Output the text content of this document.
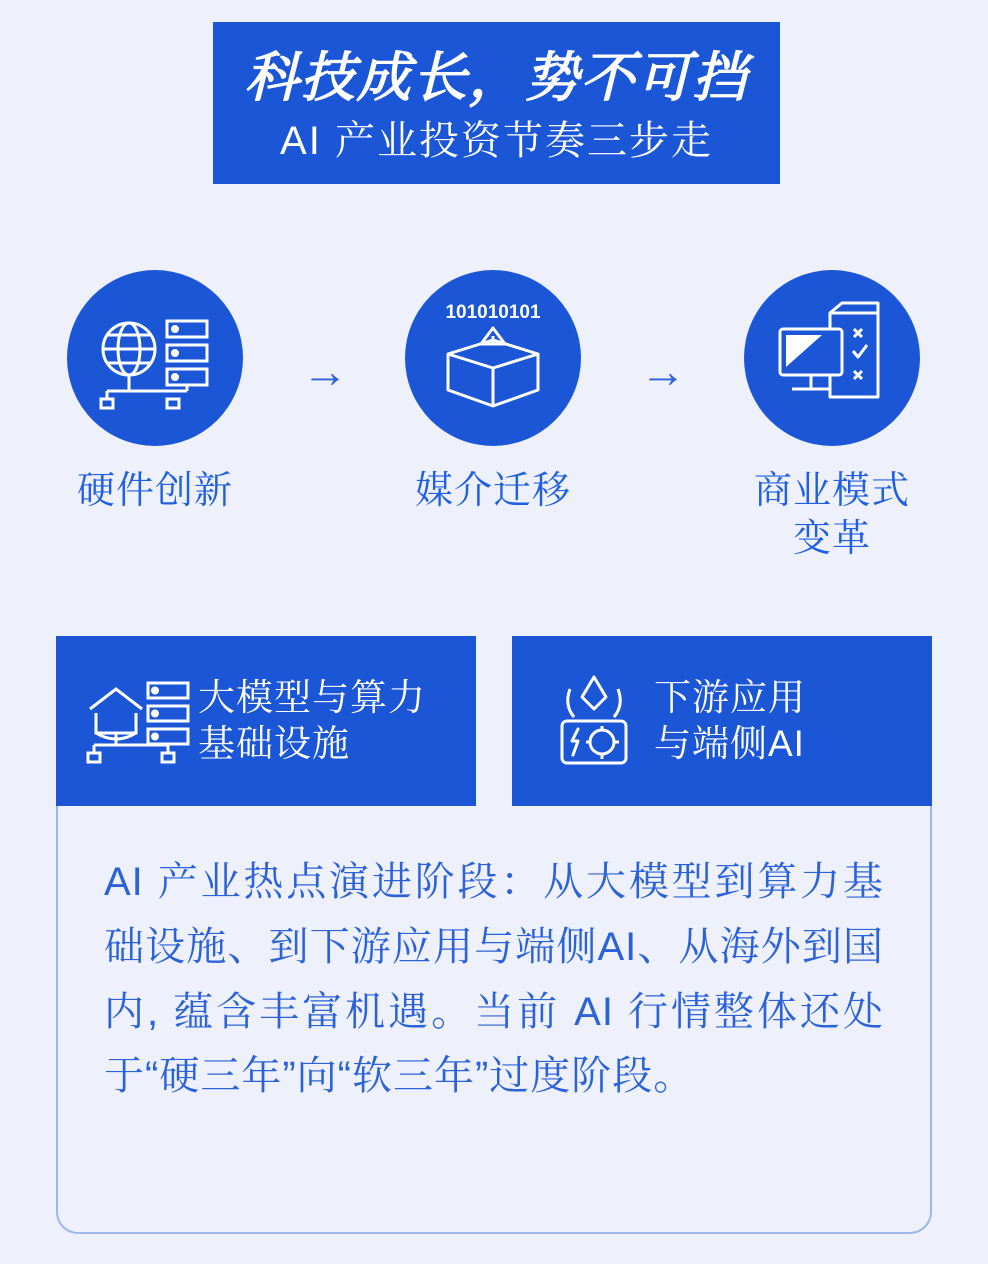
科技成长，势不可挡
AI 产业投资节奏三步走
硬件创新
→
101010101
媒介迁移
→
商业模式
变革
大模型与算力
基础设施
下游应用
与端侧AI
AI 产业热点演进阶段：从大模型到算力基础设施、到下游应用与端侧AI、从海外到国内, 蕴含丰富机遇。当前 AI 行情整体还处于“硬三年”向“软三年”过度阶段。
